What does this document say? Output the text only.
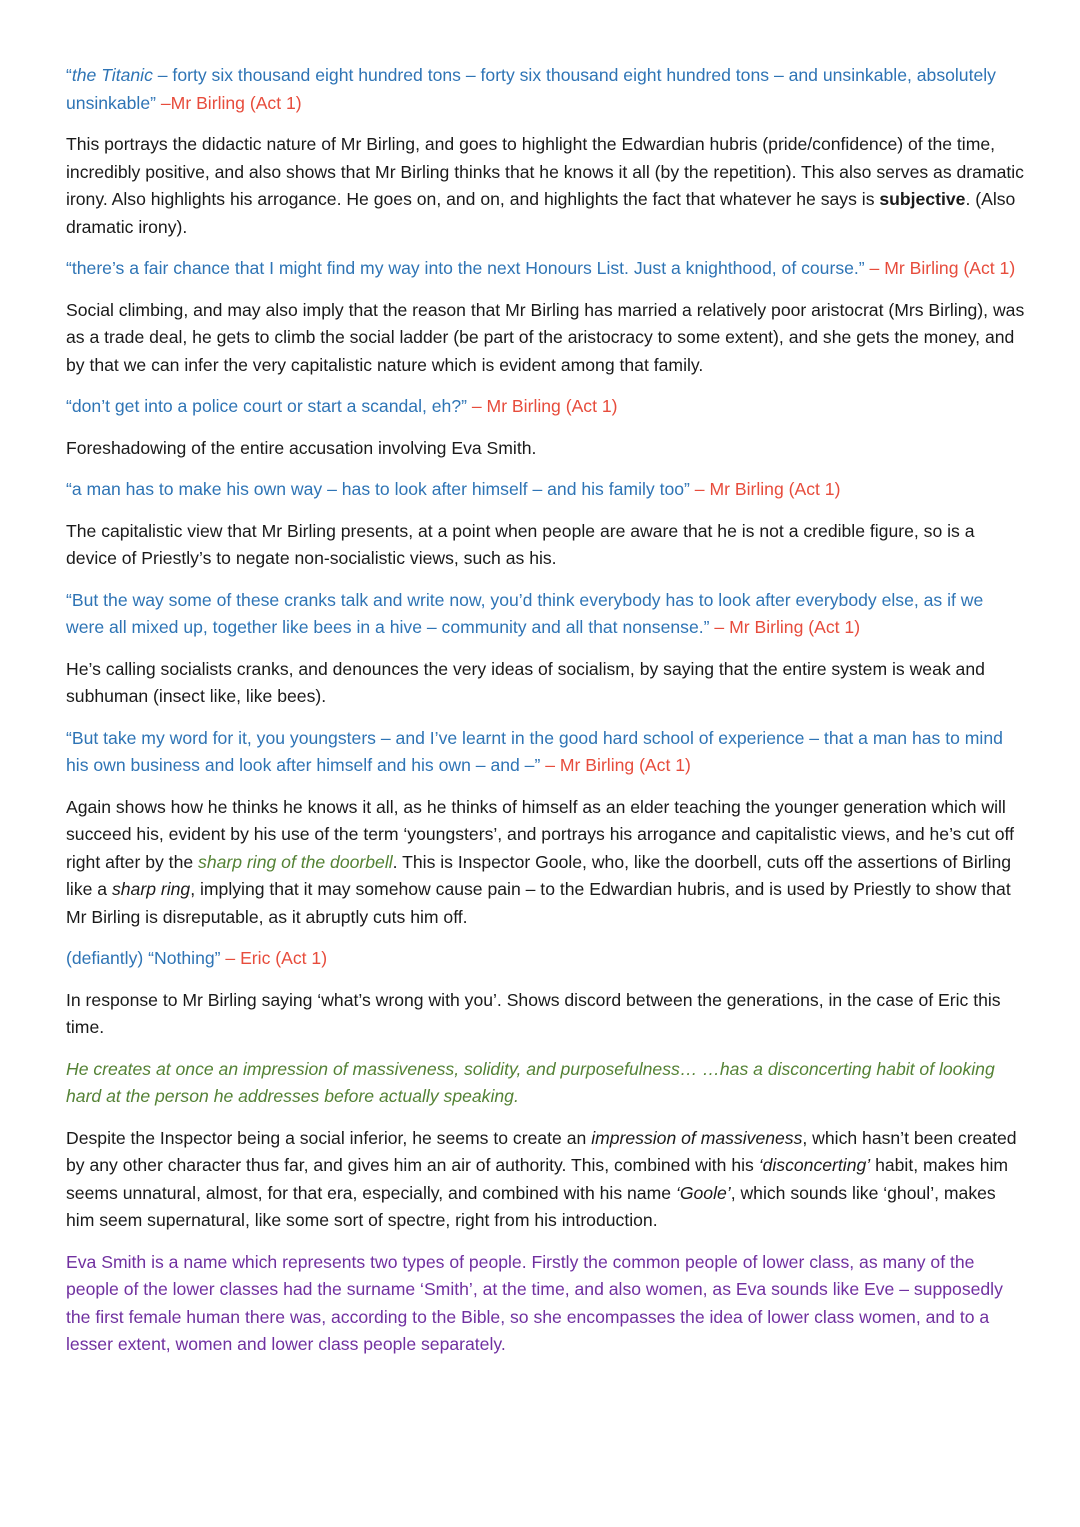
“the Titanic – forty six thousand eight hundred tons – forty six thousand eight hundred tons – and unsinkable, absolutely unsinkable” –Mr Birling (Act 1)

This portrays the didactic nature of Mr Birling, and goes to highlight the Edwardian hubris (pride/confidence) of the time, incredibly positive, and also shows that Mr Birling thinks that he knows it all (by the repetition). This also serves as dramatic irony. Also highlights his arrogance. He goes on, and on, and highlights the fact that whatever he says is subjective. (Also dramatic irony).

“there’s a fair chance that I might find my way into the next Honours List. Just a knighthood, of course.” – Mr Birling (Act 1)

Social climbing, and may also imply that the reason that Mr Birling has married a relatively poor aristocrat (Mrs Birling), was as a trade deal, he gets to climb the social ladder (be part of the aristocracy to some extent), and she gets the money, and by that we can infer the very capitalistic nature which is evident among that family.

“don’t get into a police court or start a scandal, eh?” – Mr Birling (Act 1)

Foreshadowing of the entire accusation involving Eva Smith.

“a man has to make his own way – has to look after himself – and his family too” – Mr Birling (Act 1)

The capitalistic view that Mr Birling presents, at a point when people are aware that he is not a credible figure, so is a device of Priestly’s to negate non-socialistic views, such as his.

“But the way some of these cranks talk and write now, you’d think everybody has to look after everybody else, as if we were all mixed up, together like bees in a hive – community and all that nonsense.” – Mr Birling (Act 1)

He’s calling socialists cranks, and denounces the very ideas of socialism, by saying that the entire system is weak and subhuman (insect like, like bees).

“But take my word for it, you youngsters – and I’ve learnt in the good hard school of experience – that a man has to mind his own business and look after himself and his own – and –” – Mr Birling (Act 1)

Again shows how he thinks he knows it all, as he thinks of himself as an elder teaching the younger generation which will succeed his, evident by his use of the term ‘youngsters’, and portrays his arrogance and capitalistic views, and he’s cut off right after by the sharp ring of the doorbell. This is Inspector Goole, who, like the doorbell, cuts off the assertions of Birling like a sharp ring, implying that it may somehow cause pain – to the Edwardian hubris, and is used by Priestly to show that Mr Birling is disreputable, as it abruptly cuts him off.

(defiantly) “Nothing” – Eric (Act 1)

In response to Mr Birling saying ‘what’s wrong with you’. Shows discord between the generations, in the case of Eric this time.

He creates at once an impression of massiveness, solidity, and purposefulness… …has a disconcerting habit of looking hard at the person he addresses before actually speaking.

Despite the Inspector being a social inferior, he seems to create an impression of massiveness, which hasn’t been created by any other character thus far, and gives him an air of authority. This, combined with his ‘disconcerting’ habit, makes him seems unnatural, almost, for that era, especially, and combined with his name ‘Goole’, which sounds like ‘ghoul’, makes him seem supernatural, like some sort of spectre, right from his introduction.

Eva Smith is a name which represents two types of people. Firstly the common people of lower class, as many of the people of the lower classes had the surname ‘Smith’, at the time, and also women, as Eva sounds like Eve – supposedly the first female human there was, according to the Bible, so she encompasses the idea of lower class women, and to a lesser extent, women and lower class people separately.
